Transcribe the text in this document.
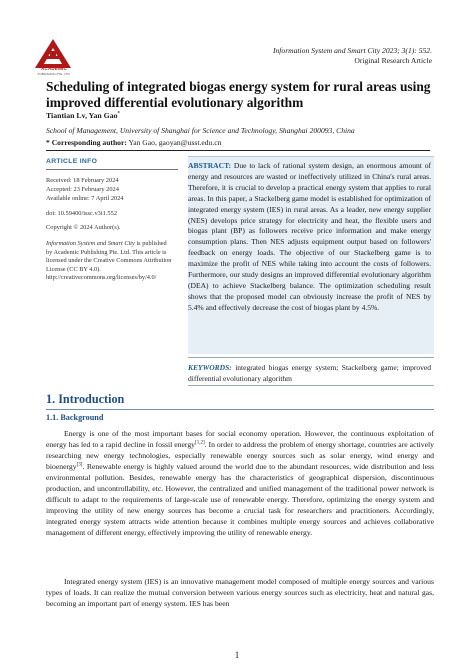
ACADEMIC
PUBLISHING PTE. LTD.
Information System and Smart City 2023; 3(1): 552.
Original Research Article
Scheduling of integrated biogas energy system for rural areas using improved differential evolutionary algorithm
Tiantian Lv, Yan Gao*
School of Management, University of Shanghai for Science and Technology, Shanghai 200093, China
* Corresponding author: Yan Gao, gaoyan@usst.edu.cn
ARTICLE INFO
Received: 18 February 2024
Accepted: 23 February 2024
Available online: 7 April 2024
doi: 10.59400/issc.v3i1.552
Copyright © 2024 Author(s).
Information System and Smart City is published by Academic Publishing Pte. Ltd. This article is licensed under the Creative Commons Attribution License (CC BY 4.0). http://creativecommons.org/licenses/by/4.0/
ABSTRACT: Due to lack of rational system design, an enormous amount of energy and resources are wasted or ineffectively utilized in China's rural areas. Therefore, it is crucial to develop a practical energy system that applies to rural areas. In this paper, a Stackelberg game model is established for optimization of integrated energy system (IES) in rural areas. As a leader, new energy supplier (NES) develops price strategy for electricity and heat, the flexible users and biogas plant (BP) as followers receive price information and make energy consumption plans. Then NES adjusts equipment output based on followers' feedback on energy loads. The objective of our Stackelberg game is to maximize the profit of NES while taking into account the costs of followers. Furthermore, our study designs an improved differential evolutionary algorithm (DEA) to achieve Stackelberg balance. The optimization scheduling result shows that the proposed model can obviously increase the profit of NES by 5.4% and effectively decrease the cost of biogas plant by 4.5%.
KEYWORDS: integrated biogas energy system; Stackelberg game; improved differential evolutionary algorithm
1. Introduction
1.1. Background

Energy is one of the most important bases for social economy operation. However, the continuous exploitation of energy has led to a rapid decline in fossil energy[1,2]. In order to address the problem of energy shortage, countries are actively researching new energy technologies, especially renewable energy sources such as solar energy, wind energy and bioenergy[3]. Renewable energy is highly valued around the world due to the abundant resources, wide distribution and less environmental pollution. Besides, renewable energy has the characteristics of geographical dispersion, discontinuous production, and uncontrollability, etc. However, the centralized and unified management of the traditional power network is difficult to adapt to the requirements of large-scale use of renewable energy. Therefore, optimizing the energy system and improving the utility of new energy sources has become a crucial task for researchers and practitioners. Accordingly, integrated energy system attracts wide attention because it combines multiple energy sources and achieves collaborative management of different energy, effectively improving the utility of renewable energy.

Integrated energy system (IES) is an innovative management model composed of multiple energy sources and various types of loads. It can realize the mutual conversion between various energy sources such as electricity, heat and natural gas, becoming an important part of energy system. IES has been

1
